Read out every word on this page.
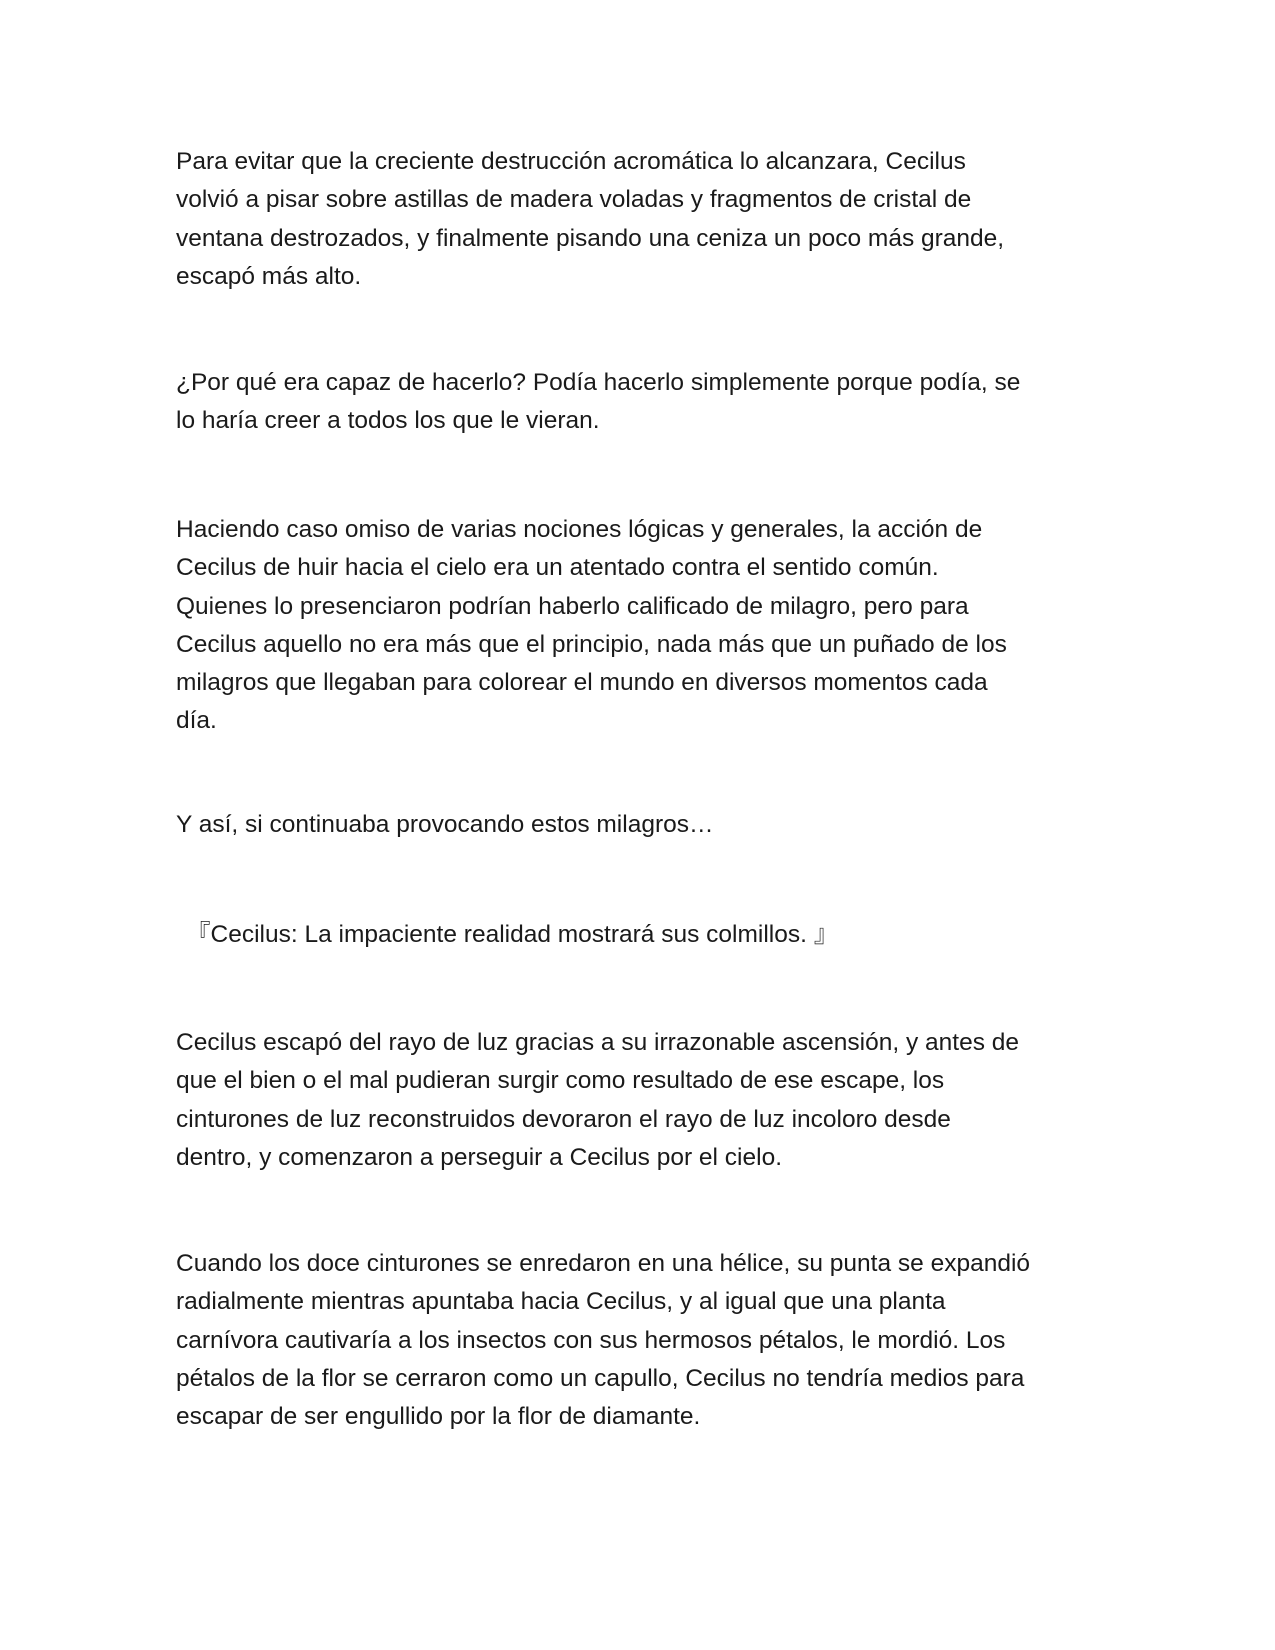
Para evitar que la creciente destrucción acromática lo alcanzara, Cecilus
volvió a pisar sobre astillas de madera voladas y fragmentos de cristal de
ventana destrozados, y finalmente pisando una ceniza un poco más grande,
escapó más alto.

¿Por qué era capaz de hacerlo? Podía hacerlo simplemente porque podía, se
lo haría creer a todos los que le vieran.

Haciendo caso omiso de varias nociones lógicas y generales, la acción de
Cecilus de huir hacia el cielo era un atentado contra el sentido común.
Quienes lo presenciaron podrían haberlo calificado de milagro, pero para
Cecilus aquello no era más que el principio, nada más que un puñado de los
milagros que llegaban para colorear el mundo en diversos momentos cada
día.

Y así, si continuaba provocando estos milagros…

『Cecilus: La impaciente realidad mostrará sus colmillos. 』

Cecilus escapó del rayo de luz gracias a su irrazonable ascensión, y antes de
que el bien o el mal pudieran surgir como resultado de ese escape, los
cinturones de luz reconstruidos devoraron el rayo de luz incoloro desde
dentro, y comenzaron a perseguir a Cecilus por el cielo.

Cuando los doce cinturones se enredaron en una hélice, su punta se expandió
radialmente mientras apuntaba hacia Cecilus, y al igual que una planta
carnívora cautivaría a los insectos con sus hermosos pétalos, le mordió. Los
pétalos de la flor se cerraron como un capullo, Cecilus no tendría medios para
escapar de ser engullido por la flor de diamante.
